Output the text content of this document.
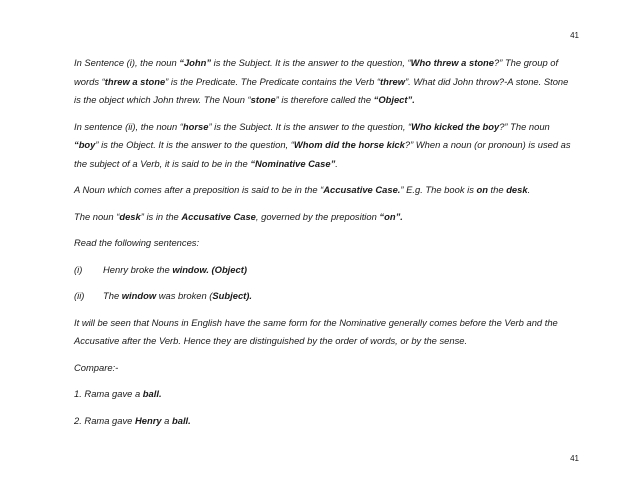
41

In Sentence (i), the noun “John” is the Subject. It is the answer to the question, “Who threw a stone?” The group of words “threw a stone” is the Predicate. The Predicate contains the Verb “threw”. What did John throw?-A stone. Stone is the object which John threw. The Noun “stone” is therefore called the “Object”.

In sentence (ii), the noun “horse” is the Subject. It is the answer to the question, “Who kicked the boy?” The noun “boy” is the Object. It is the answer to the question, “Whom did the horse kick?” When a noun (or pronoun) is used as the subject of a Verb, it is said to be in the “Nominative Case”.

A Noun which comes after a preposition is said to be in the “Accusative Case.” E.g. The book is on the desk.

The noun “desk” is in the Accusative Case, governed by the preposition “on”.

Read the following sentences:

(i)	Henry broke the window. (Object)

(ii)	The window was broken (Subject).

It will be seen that Nouns in English have the same form for the Nominative generally comes before the Verb and the Accusative after the Verb. Hence they are distinguished by the order of words, or by the sense.

Compare:-

1. Rama gave a ball.

2. Rama gave Henry a ball.

41
